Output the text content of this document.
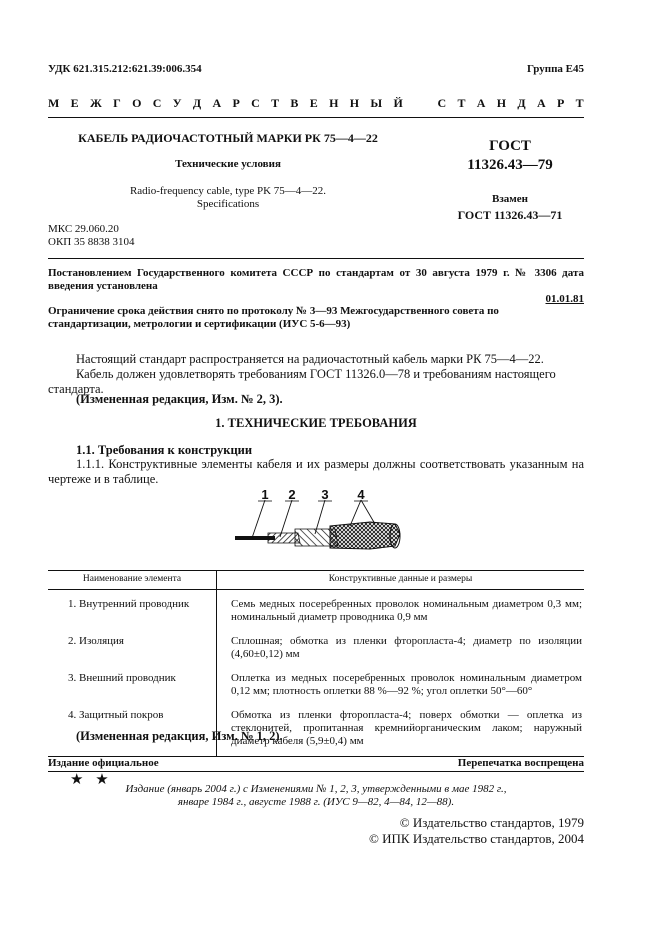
УДК 621.315.212:621.39:006.354	Группа Е45
М Е Ж Г О С У Д А Р С Т В Е Н Н Ы Й	С Т А Н Д А Р Т
КАБЕЛЬ РАДИОЧАСТОТНЫЙ МАРКИ РК 75—4—22
Технические условия
Radio-frequency cable, type PK 75—4—22.
Specifications
ГОСТ
11326.43—79
Взамен
ГОСТ 11326.43—71
МКС 29.060.20
ОКП 35 8838 3104
Постановлением Государственного комитета СССР по стандартам от 30 августа 1979 г. № 3306 дата введения установлена
01.01.81
Ограничение срока действия снято по протоколу № 3—93 Межгосударственного совета по стандартизации, метрологии и сертификации (ИУС 5-6—93)
Настоящий стандарт распространяется на радиочастотный кабель марки РК 75—4—22.
Кабель должен удовлетворять требованиям ГОСТ 11326.0—78 и требованиям настоящего стандарта.
(Измененная редакция, Изм. № 2, 3).
1. ТЕХНИЧЕСКИЕ ТРЕБОВАНИЯ
1.1. Требования к конструкции
1.1.1. Конструктивные элементы кабеля и их размеры должны соответствовать указанным на чертеже и в таблице.
1 2 3 4
Наименование элемента	Конструктивные данные и размеры
1. Внутренний проводник	Семь медных посеребренных проволок номинальным диаметром 0,3 мм; номинальный диаметр проводника 0,9 мм
2. Изоляция	Сплошная; обмотка из пленки фторопласта-4; диаметр по изоляции (4,60±0,12) мм
3. Внешний проводник	Оплетка из медных посеребренных проволок номинальным диаметром 0,12 мм; плотность оплетки 88 %—92 %; угол оплетки 50°—60°
4. Защитный покров	Обмотка из пленки фторопласта-4; поверх обмотки — оплетка из стеклонитей, пропитанная кремнийорганическим лаком; наружный диаметр кабеля (5,9±0,4) мм
(Измененная редакция, Изм. № 1, 2).
Издание официальное	Перепечатка воспрещена
★ ★
Издание (январь 2004 г.) с Изменениями № 1, 2, 3, утвержденными в мае 1982 г.,
январе 1984 г., августе 1988 г. (ИУС 9—82, 4—84, 12—88).
© Издательство стандартов, 1979
© ИПК Издательство стандартов, 2004
